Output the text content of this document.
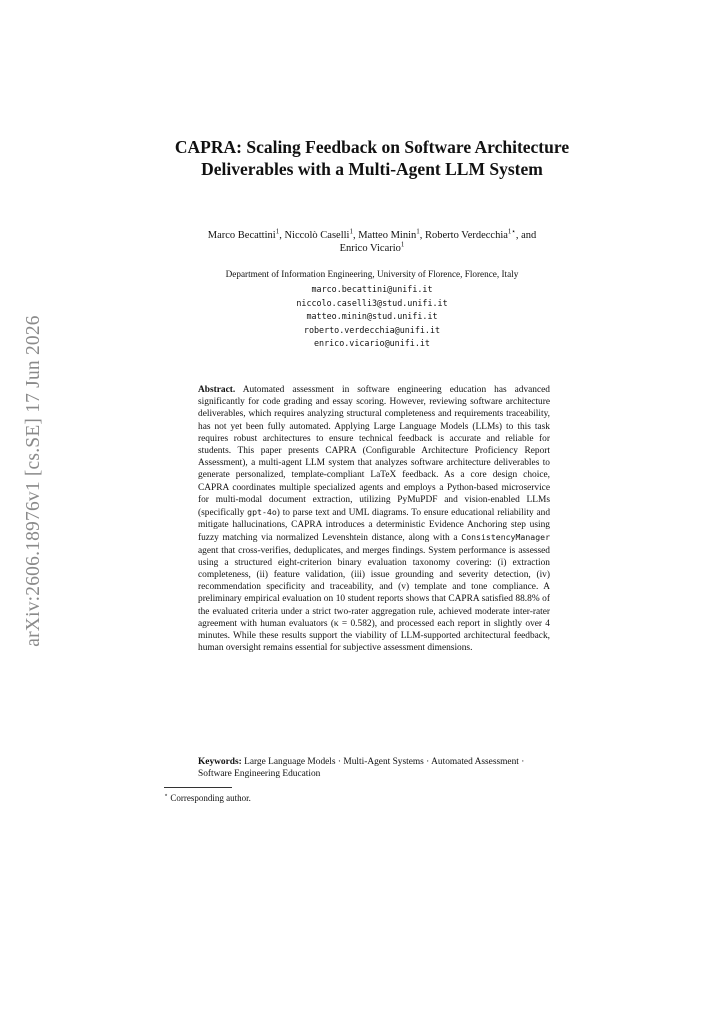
arXiv:2606.18976v1 [cs.SE] 17 Jun 2026
CAPRA: Scaling Feedback on Software Architecture Deliverables with a Multi-Agent LLM System

Marco Becattini$^1$, Niccolò Caselli$^1$, Matteo Minin$^1$, Roberto Verdecchia$^{1⋆}$, and
Enrico Vicario$^1$

Department of Information Engineering, University of Florence, Florence, Italy

marco.becattini@unifi.it
niccolo.caselli3@stud.unifi.it
matteo.minin@stud.unifi.it
roberto.verdecchia@unifi.it
enrico.vicario@unifi.it

Abstract. Automated assessment in software engineering education has advanced significantly for code grading and essay scoring. However, reviewing software architecture deliverables, which requires analyzing structural completeness and requirements traceability, has not yet been fully automated. Applying Large Language Models (LLMs) to this task requires robust architectures to ensure technical feedback is accurate and reliable for students. This paper presents CAPRA (Configurable Architecture Proficiency Report Assessment), a multi-agent LLM system that analyzes software architecture deliverables to generate personalized, template-compliant LaTeX feedback. As a core design choice, CAPRA coordinates multiple specialized agents and employs a Python-based microservice for multi-modal document extraction, utilizing PyMuPDF and vision-enabled LLMs (specifically gpt-4o) to parse text and UML diagrams. To ensure educational reliability and mitigate hallucinations, CAPRA introduces a deterministic Evidence Anchoring step using fuzzy matching via normalized Levenshtein distance, along with a ConsistencyManager agent that cross-verifies, deduplicates, and merges findings. System performance is assessed using a structured eight-criterion binary evaluation taxonomy covering: (i) extraction completeness, (ii) feature validation, (iii) issue grounding and severity detection, (iv) recommendation specificity and traceability, and (v) template and tone compliance. A preliminary empirical evaluation on 10 student reports shows that CAPRA satisfied 88.8% of the evaluated criteria under a strict two-rater aggregation rule, achieved moderate inter-rater agreement with human evaluators (κ = 0.582), and processed each report in slightly over 4 minutes. While these results support the viability of LLM-supported architectural feedback, human oversight remains essential for subjective assessment dimensions.

Keywords: Large Language Models · Multi-Agent Systems · Automated Assessment · Software Engineering Education

⋆ Corresponding author.
